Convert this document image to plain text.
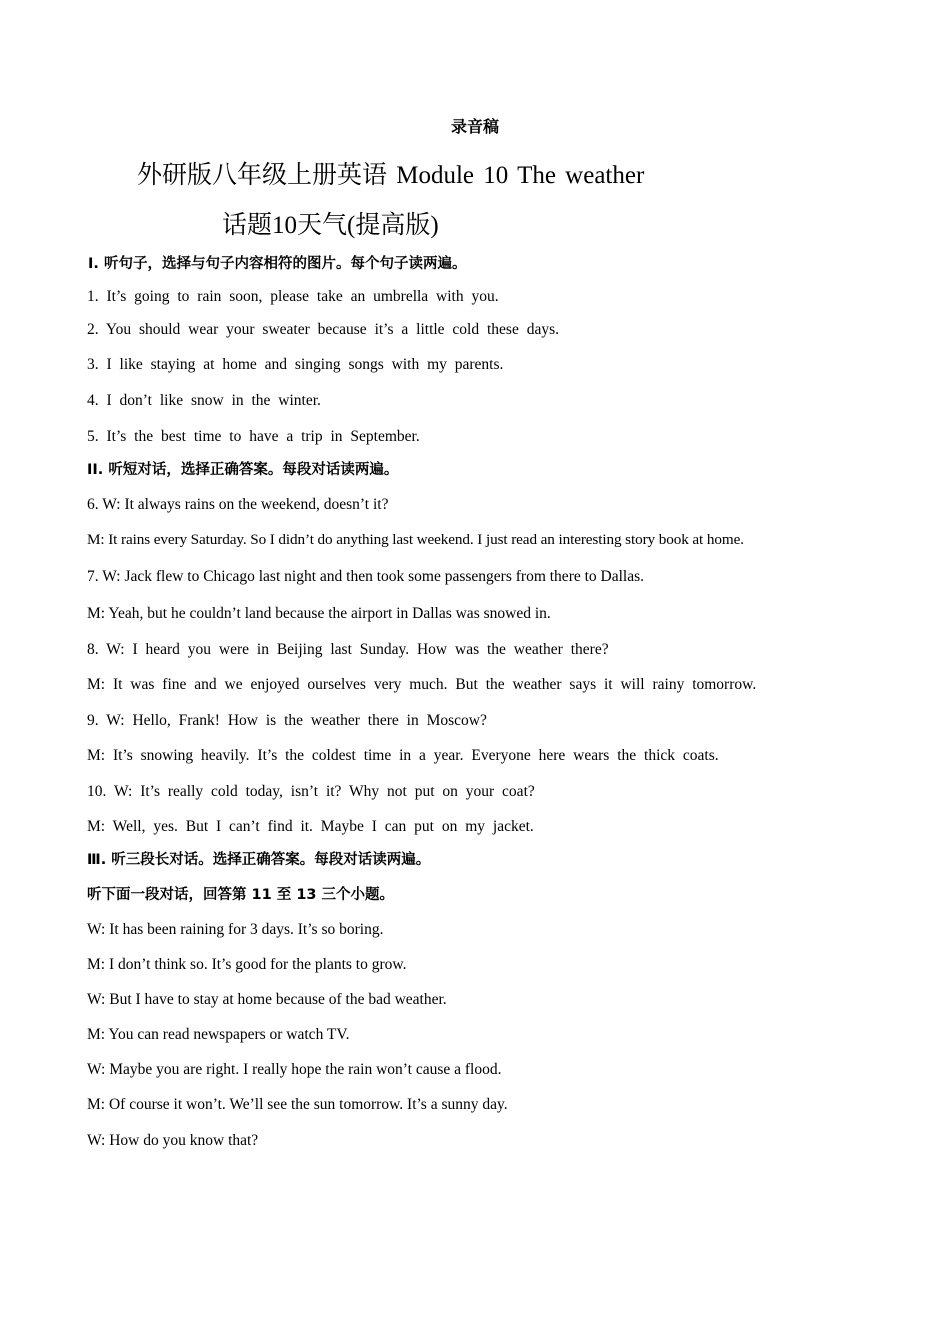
录音稿
外研版八年级上册英语 Module 10 The weather
话题10天气(提高版)
Ⅰ. 听句子，选择与句子内容相符的图片。每个句子读两遍。
1. It’s going to rain soon, please take an umbrella with you.
2. You should wear your sweater because it’s a little cold these days.
3. I like staying at home and singing songs with my parents.
4. I don’t like snow in the winter.
5. It’s the best time to have a trip in September.
II. 听短对话，选择正确答案。每段对话读两遍。
6. W: It always rains on the weekend, doesn’t it?
M: It rains every Saturday. So I didn’t do anything last weekend. I just read an interesting story book at home.
7. W: Jack flew to Chicago last night and then took some passengers from there to Dallas.
M: Yeah, but he couldn’t land because the airport in Dallas was snowed in.
8. W: I heard you were in Beijing last Sunday. How was the weather there?
M: It was fine and we enjoyed ourselves very much. But the weather says it will rainy tomorrow.
9. W: Hello, Frank! How is the weather there in Moscow?
M: It’s snowing heavily. It’s the coldest time in a year. Everyone here wears the thick coats.
10. W: It’s really cold today, isn’t it? Why not put on your coat?
M: Well, yes. But I can’t find it. Maybe I can put on my jacket.
Ⅲ. 听三段长对话。选择正确答案。每段对话读两遍。
听下面一段对话，回答第 11 至 13 三个小题。
W: It has been raining for 3 days. It’s so boring.
M: I don’t think so. It’s good for the plants to grow.
W: But I have to stay at home because of the bad weather.
M: You can read newspapers or watch TV.
W: Maybe you are right. I really hope the rain won’t cause a flood.
M: Of course it won’t. We’ll see the sun tomorrow. It’s a sunny day.
W: How do you know that?
